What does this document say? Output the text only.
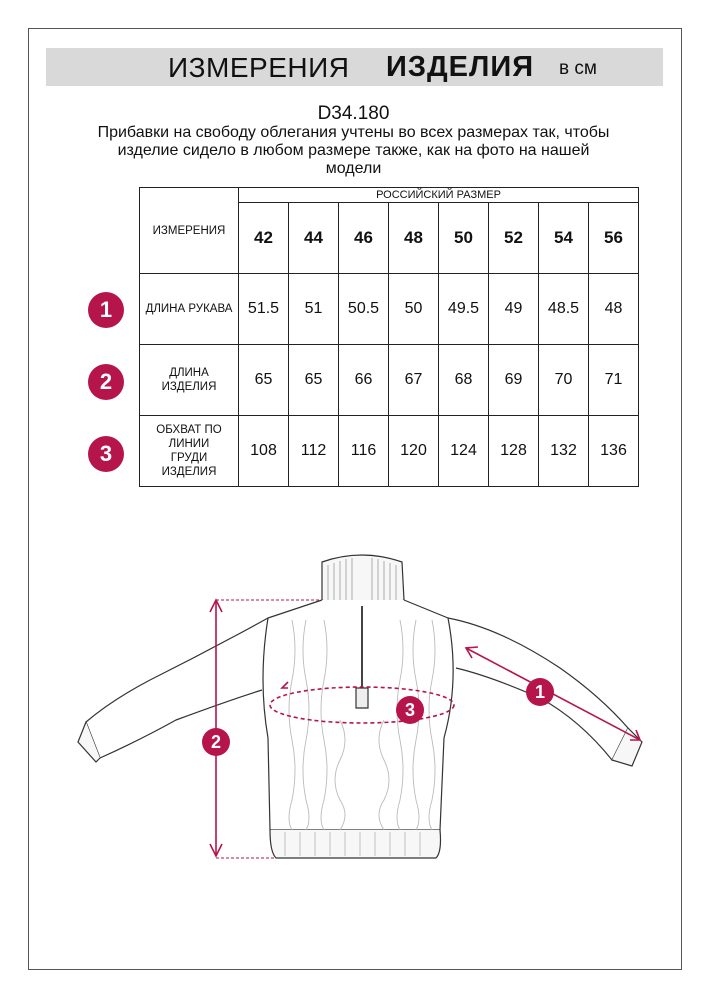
ИЗМЕРЕНИЯ ИЗДЕЛИЯ в см
D34.180
Прибавки на свободу облегания учтены во всех размерах так, чтобы изделие сидело в любом размере также, как на фото на нашей модели
ИЗМЕРЕНИЯ	РОССИЙСКИЙ РАЗМЕР							
	42	44	46	48	50	52	54	56
ДЛИНА РУКАВА	51.5	51	50.5	50	49.5	49	48.5	48
ДЛИНА ИЗДЕЛИЯ	65	65	66	67	68	69	70	71
ОБХВАТ ПО ЛИНИИ ГРУДИ ИЗДЕЛИЯ	108	112	116	120	124	128	132	136
1
2
3
2
1
3
